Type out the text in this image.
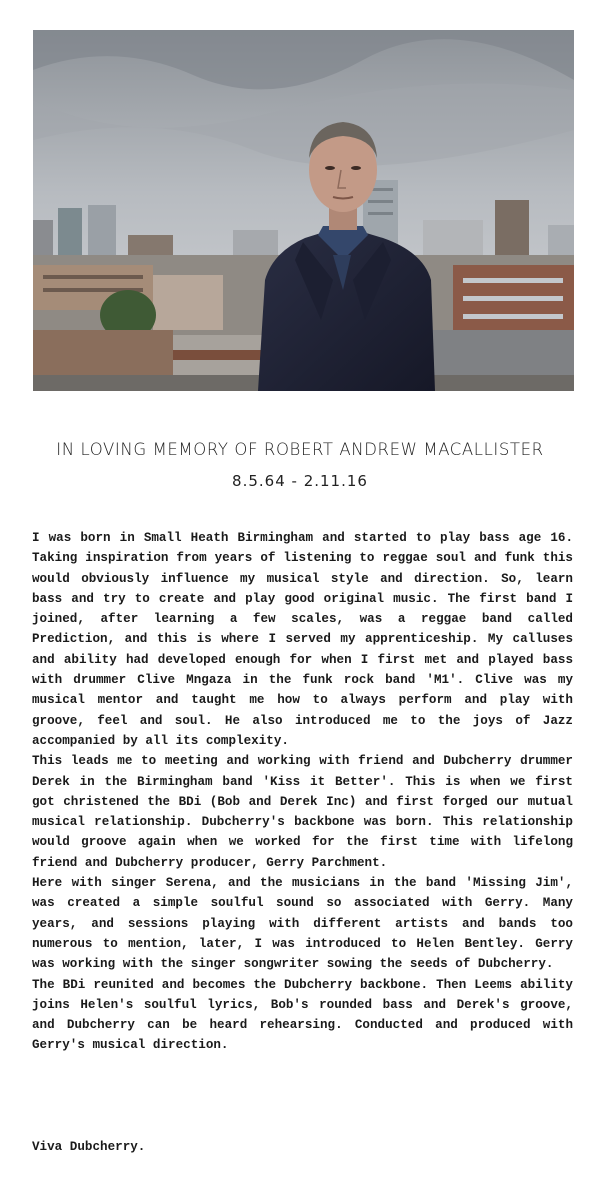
IN LOVING MEMORY OF ROBERT ANDREW MACALLISTER
8.5.64 - 2.11.16

I was born in Small Heath Birmingham and started to play bass age 16. Taking inspiration from years of listening to reggae soul and funk this would obviously influence my musical style and direction. So, learn bass and try to create and play good original music. The first band I joined, after learning a few scales, was a reggae band called Prediction, and this is where I served my apprenticeship. My calluses and ability had developed enough for when I first met and played bass with drummer Clive Mngaza in the funk rock band 'M1'. Clive was my musical mentor and taught me how to always perform and play with groove, feel and soul. He also introduced me to the joys of Jazz accompanied by all its complexity.

This leads me to meeting and working with friend and Dubcherry drummer Derek in the Birmingham band 'Kiss it Better'. This is when we first got christened the BDi (Bob and Derek Inc) and first forged our mutual musical relationship. Dubcherry's backbone was born. This relationship would groove again when we worked for the first time with lifelong friend and Dubcherry producer, Gerry Parchment.

Here with singer Serena, and the musicians in the band 'Missing Jim', was created a simple soulful sound so associated with Gerry. Many years, and sessions playing with different artists and bands too numerous to mention, later, I was introduced to Helen Bentley. Gerry was working with the singer songwriter sowing the seeds of Dubcherry.

The BDi reunited and becomes the Dubcherry backbone. Then Leems ability joins Helen's soulful lyrics, Bob's rounded bass and Derek's groove, and Dubcherry can be heard rehearsing. Conducted and produced with Gerry's musical direction.

Viva Dubcherry.
